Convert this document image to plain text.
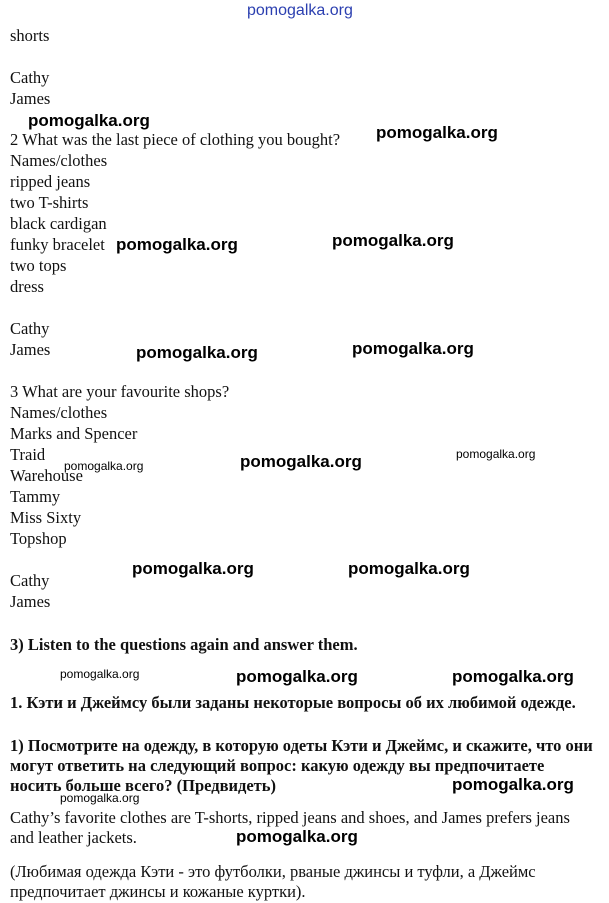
pomogalka.org

shorts

Cathy

James

2 What was the last piece of clothing you bought?

Names/clothes

ripped jeans

two T-shirts

black cardigan

funky bracelet

two tops

dress

Cathy

James

3 What are your favourite shops?

Names/clothes

Marks and Spencer

Traid

Warehouse

Tammy

Miss Sixty

Topshop

Cathy

James

3) Listen to the questions again and answer them.

1. Кэти и Джеймсу были заданы некоторые вопросы об их любимой одежде.

1) Посмотрите на одежду, в которую одеты Кэти и Джеймс, и скажите, что они могут ответить на следующий вопрос: какую одежду вы предпочитаете носить больше всего? (Предвидеть)

Cathy’s favorite clothes are T-shorts, ripped jeans and shoes, and James prefers jeans and leather jackets.

(Любимая одежда Кэти - это футболки, рваные джинсы и туфли, а Джеймс предпочитает джинсы и кожаные куртки).

pomogalka.org
pomogalka.org
pomogalka.org	pomogalka.org
pomogalka.org	pomogalka.org
pomogalka.org	pomogalka.org	pomogalka.org
pomogalka.org	pomogalka.org
pomogalka.org	pomogalka.org	pomogalka.org
pomogalka.org
pomogalka.org
pomogalka.org
